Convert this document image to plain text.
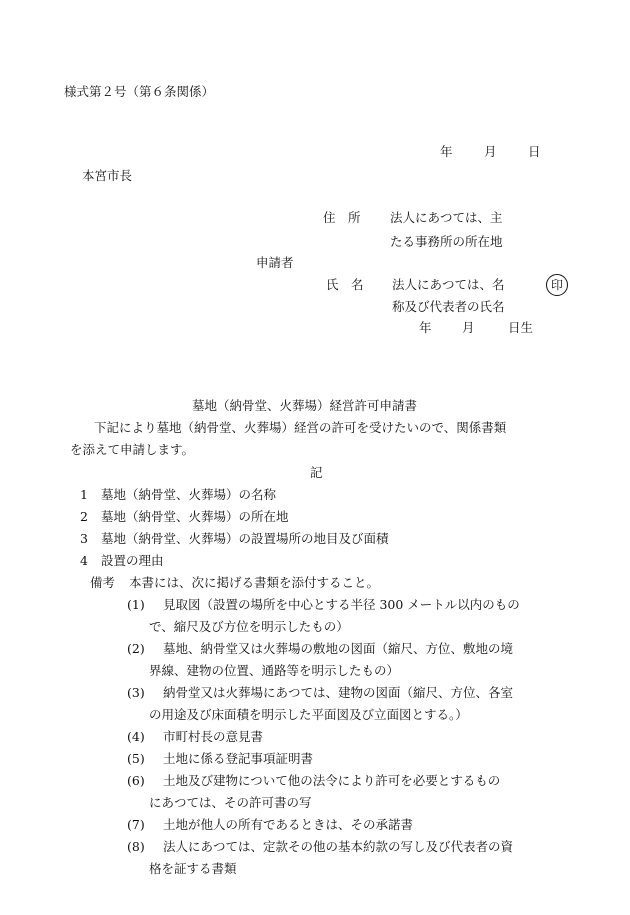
様式第２号（第６条関係）
年	月	日
本宮市長
住　所 法人にあつては、主
たる事務所の所在地
申請者
氏　名 法人にあつては、名	印
称及び代表者の氏名
年 月	日生
墓地（納骨堂、火葬場）経営許可申請書
下記により墓地（納骨堂、火葬場）経営の許可を受けたいので、関係書類
を添えて申請します。
記
1 墓地（納骨堂、火葬場）の名称
2 墓地（納骨堂、火葬場）の所在地
3 墓地（納骨堂、火葬場）の設置場所の地目及び面積
4 設置の理由
備考 本書には、次に掲げる書類を添付すること。
(1) 見取図（設置の場所を中心とする半径 300 メートル以内のもの
で、縮尺及び方位を明示したもの）
(2) 墓地、納骨堂又は火葬場の敷地の図面（縮尺、方位、敷地の境
界線、建物の位置、通路等を明示したもの）
(3) 納骨堂又は火葬場にあつては、建物の図面（縮尺、方位、各室
の用途及び床面積を明示した平面図及び立面図とする。）
(4) 市町村長の意見書
(5) 土地に係る登記事項証明書
(6) 土地及び建物について他の法令により許可を必要とするもの
にあつては、その許可書の写
(7) 土地が他人の所有であるときは、その承諾書
(8) 法人にあつては、定款その他の基本約款の写し及び代表者の資
格を証する書類
